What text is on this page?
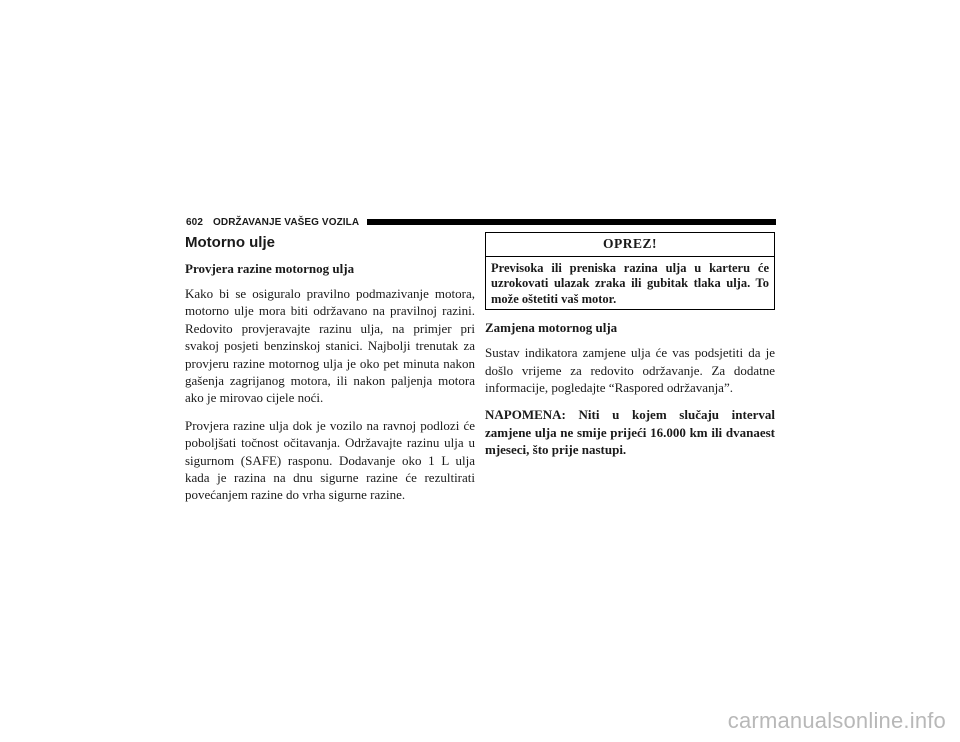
602 ODRŽAVANJE VAŠEG VOZILA
Motorno ulje
Provjera razine motornog ulja

Kako bi se osiguralo pravilno podmazivanje motora, motorno ulje mora biti održavano na pravilnoj razini. Redovito provjeravajte razinu ulja, na primjer pri svakoj posjeti benzinskoj stanici. Najbolji trenutak za provjeru razine motornog ulja je oko pet minuta nakon gašenja zagrijanog motora, ili nakon paljenja motora ako je mirovao cijele noći.

Provjera razine ulja dok je vozilo na ravnoj podlozi će poboljšati točnost očitavanja. Održavajte razinu ulja u sigurnom (SAFE) rasponu. Dodavanje oko 1 L ulja kada je razina na dnu sigurne razine će rezultirati povećanjem razine do vrha sigurne razine.

OPREZ!
Previsoka ili preniska razina ulja u karteru će uzrokovati ulazak zraka ili gubitak tlaka ulja. To može oštetiti vaš motor.
Zamjena motornog ulja

Sustav indikatora zamjene ulja će vas podsjetiti da je došlo vrijeme za redovito održavanje. Za dodatne informacije, pogledajte “Raspored održavanja”.

NAPOMENA: Niti u kojem slučaju interval zamjene ulja ne smije prijeći 16.000 km ili dvanaest mjeseci, što prije nastupi.

carmanualsonline.info
